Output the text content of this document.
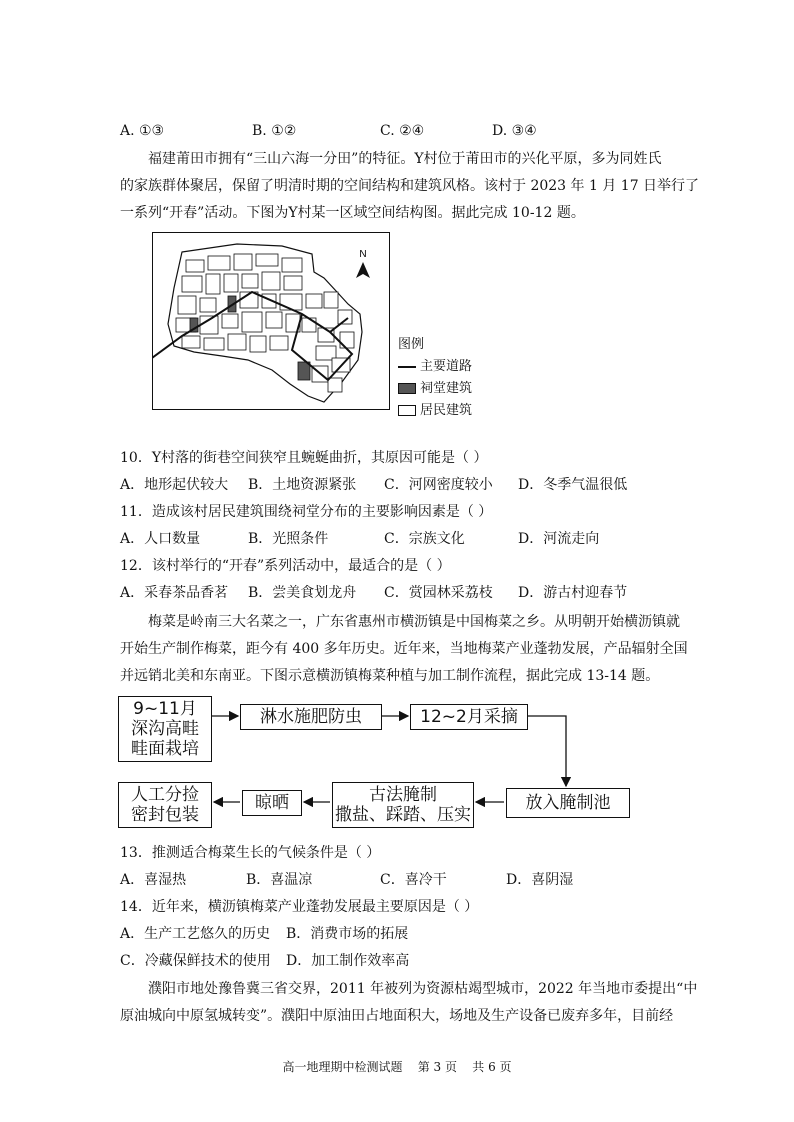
A. ①③	B. ①②	C. ②④	D. ③④

福建莆田市拥有“三山六海一分田”的特征。Y村位于莆田市的兴化平原，多为同姓氏

的家族群体聚居，保留了明清时期的空间结构和建筑风格。该村于 2023 年 1 月 17 日举行了

一系列“开春”活动。下图为Y村某一区域空间结构图。据此完成 10-12 题。

N
图例
主要道路
祠堂建筑
居民建筑
10．Y村落的街巷空间狭窄且蜿蜒曲折，其原因可能是（ ）
A．地形起伏较大 B．土地资源紧张 C．河网密度较小 D．冬季气温很低
11．造成该村居民建筑围绕祠堂分布的主要影响因素是（ ）
A．人口数量	B．光照条件	C．宗族文化	D．河流走向
12．该村举行的“开春”系列活动中，最适合的是（ ）
A．采春茶品香茗 B．尝美食划龙舟 C．赏园林采荔枝 D．游古村迎春节

梅菜是岭南三大名菜之一，广东省惠州市横沥镇是中国梅菜之乡。从明朝开始横沥镇就

开始生产制作梅菜，距今有 400 多年历史。近年来，当地梅菜产业蓬勃发展，产品辐射全国

并远销北美和东南亚。下图示意横沥镇梅菜种植与加工制作流程，据此完成 13-14 题。

9~11月
深沟高畦
畦面栽培
淋水施肥防虫	12~2月采摘
放入腌制池
古法腌制
撒盐、踩踏、压实
晾晒
人工分捡
密封包装
13．推测适合梅菜生长的气候条件是（ ）
A．喜湿热	B．喜温凉	C．喜冷干	D．喜阴湿
14．近年来，横沥镇梅菜产业蓬勃发展最主要原因是（ ）
A．生产工艺悠久的历史 B．消费市场的拓展
C．冷藏保鲜技术的使用 D．加工制作效率高

濮阳市地处豫鲁冀三省交界，2011 年被列为资源枯竭型城市，2022 年当地市委提出“中

原油城向中原氢城转变”。濮阳中原油田占地面积大，场地及生产设备已废弃多年，目前经

高一地理期中检测试题    第 3 页    共 6 页
